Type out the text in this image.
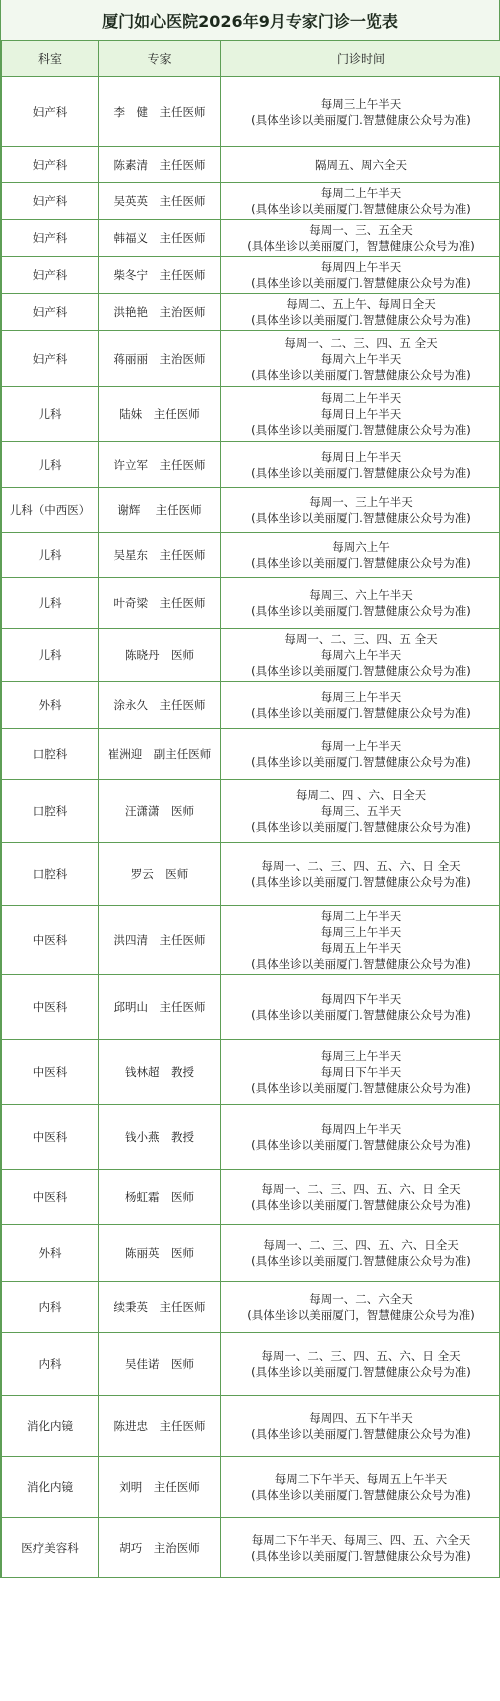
厦门如心医院2026年9月专家门诊一览表
科室	专家	门诊时间
妇产科	李　健　主任医师	每周三上午半天
(具体坐诊以美丽厦门.智慧健康公众号为准)

妇产科	陈素清　主任医师	隔周五、周六全天

妇产科	吴英英　主任医师	每周二上午半天
(具体坐诊以美丽厦门.智慧健康公众号为准)

妇产科	韩福义　主任医师	每周一、三、五全天
(具体坐诊以美丽厦门，智慧健康公众号为准)

妇产科	柴冬宁　主任医师	每周四上午半天
(具体坐诊以美丽厦门.智慧健康公众号为准)

妇产科	洪艳艳　主治医师	每周二、五上午、每周日全天
(具体坐诊以美丽厦门.智慧健康公众号为准)

妇产科	蒋丽丽　主治医师	每周一、二、三、四、五 全天
每周六上午半天
(具体坐诊以美丽厦门.智慧健康公众号为准)

儿科	陆妹　主任医师	每周二上午半天
每周日上午半天
(具体坐诊以美丽厦门.智慧健康公众号为准)

儿科	许立军　主任医师	每周日上午半天
(具体坐诊以美丽厦门.智慧健康公众号为准)

儿科（中西医）	谢辉　 主任医师	每周一、三上午半天
(具体坐诊以美丽厦门.智慧健康公众号为准)

儿科	吴星东　主任医师	每周六上午
(具体坐诊以美丽厦门.智慧健康公众号为准)

儿科	叶奇梁　主任医师	每周三、六上午半天
(具体坐诊以美丽厦门.智慧健康公众号为准)

儿科	陈晓丹　医师	每周一、二、三、四、五 全天
每周六上午半天
(具体坐诊以美丽厦门.智慧健康公众号为准)

外科	涂永久　主任医师	每周三上午半天
(具体坐诊以美丽厦门.智慧健康公众号为准)

口腔科	崔洲迎　副主任医师	每周一上午半天
(具体坐诊以美丽厦门.智慧健康公众号为准)

口腔科	汪潇潇　医师	每周二、四 、六、日全天
每周三、五半天
(具体坐诊以美丽厦门.智慧健康公众号为准)

口腔科	罗云　医师	每周一、二、三、四、五、六、日 全天
(具体坐诊以美丽厦门.智慧健康公众号为准)

中医科	洪四清　主任医师	每周二上午半天
每周三上午半天
每周五上午半天
(具体坐诊以美丽厦门.智慧健康公众号为准)

中医科	邱明山　主任医师	每周四下午半天
(具体坐诊以美丽厦门.智慧健康公众号为准)

中医科	钱林超　教授	每周三上午半天
每周日下午半天
(具体坐诊以美丽厦门.智慧健康公众号为准)

中医科	钱小燕　教授	每周四上午半天
(具体坐诊以美丽厦门.智慧健康公众号为准)

中医科	杨虹霜　医师	每周一、二、三、四、五、六、日 全天
(具体坐诊以美丽厦门.智慧健康公众号为准)

外科	陈丽英　医师	每周一、二、三、四、五、六、日全天
(具体坐诊以美丽厦门.智慧健康公众号为准)

内科	续秉英　主任医师	每周一、二、六全天
(具体坐诊以美丽厦门，智慧健康公众号为准)

内科	吴佳诺　医师	每周一、二、三、四、五、六、日 全天
(具体坐诊以美丽厦门.智慧健康公众号为准)

消化内镜	陈进忠　主任医师	每周四、五下午半天
(具体坐诊以美丽厦门.智慧健康公众号为准)

消化内镜	刘明　主任医师	每周二下午半天、每周五上午半天
(具体坐诊以美丽厦门.智慧健康公众号为准)

医疗美容科	胡巧　主治医师	每周二下午半天、每周三、四、五、六全天
(具体坐诊以美丽厦门.智慧健康公众号为准)
